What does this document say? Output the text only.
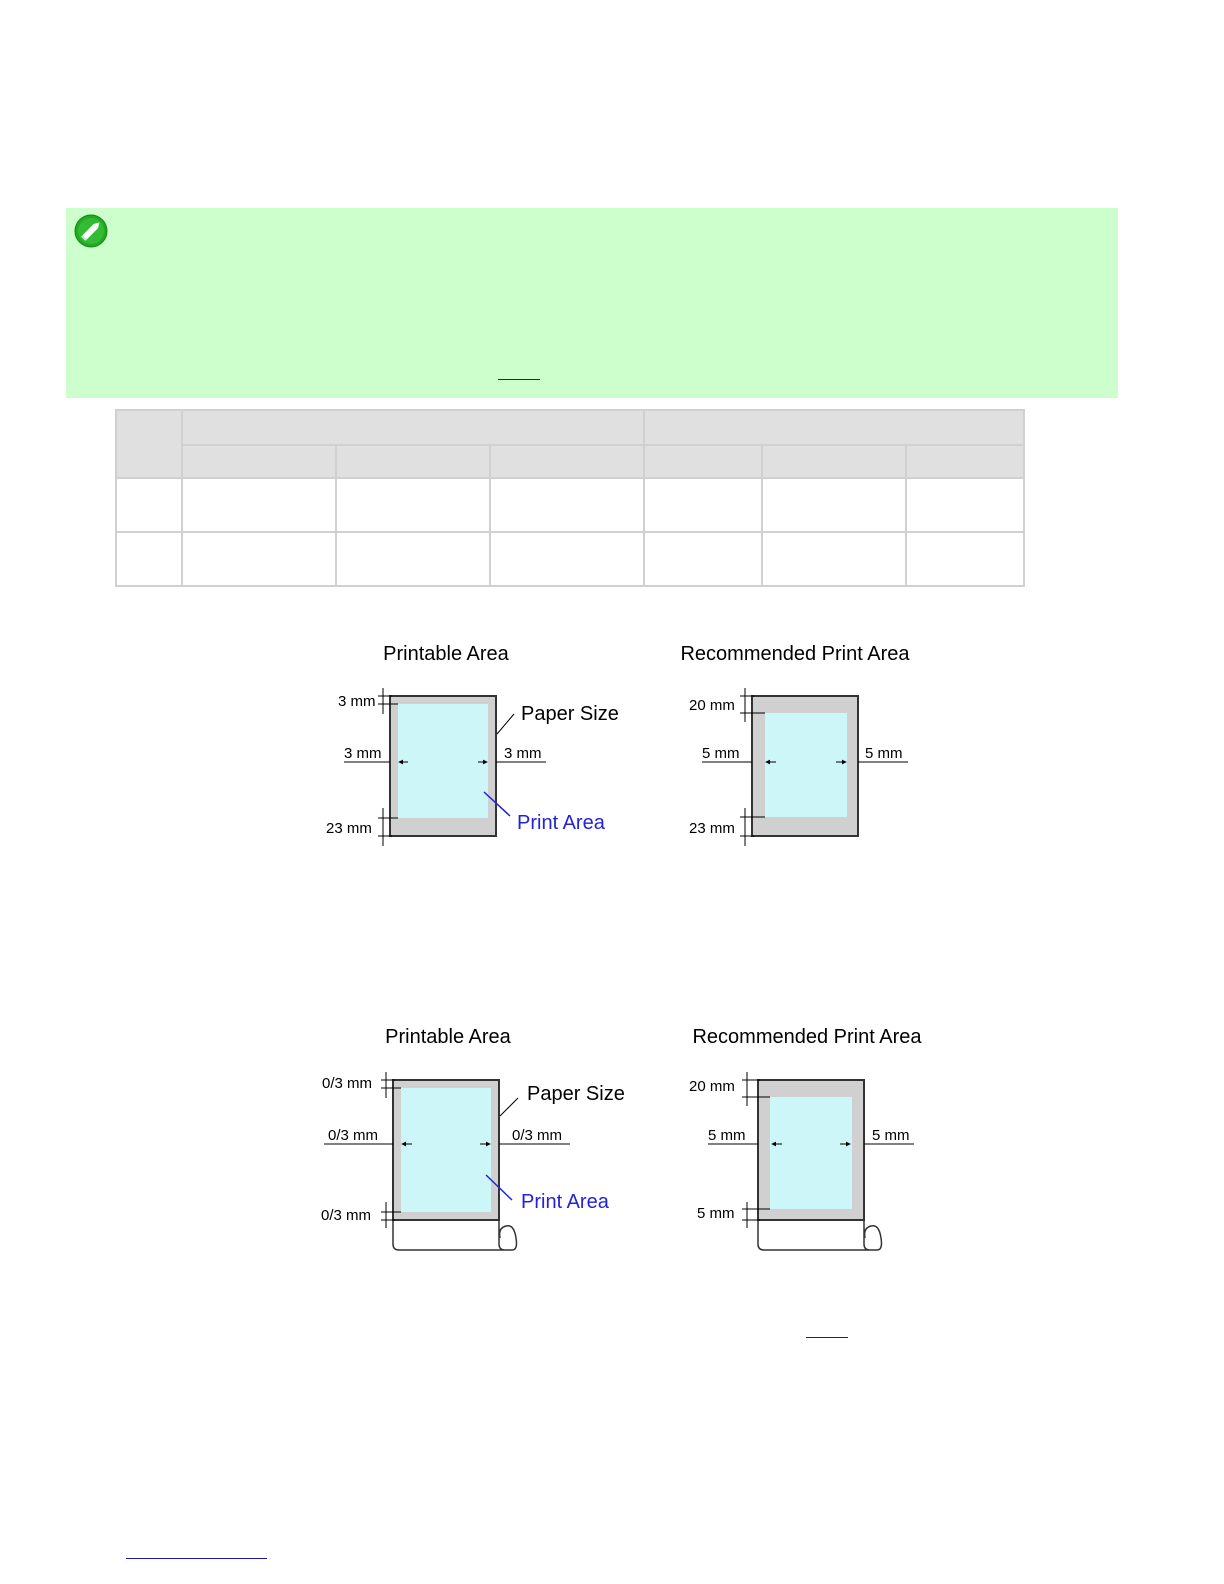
Printable Area
3 mm
3 mm	3 mm
23 mm
Paper Size
Print Area
Recommended Print Area
20 mm
5 mm	5 mm
23 mm
Printable Area
0/3 mm
0/3 mm	0/3 mm
0/3 mm
Paper Size
Print Area
Recommended Print Area
20 mm
5 mm	5 mm
5 mm
